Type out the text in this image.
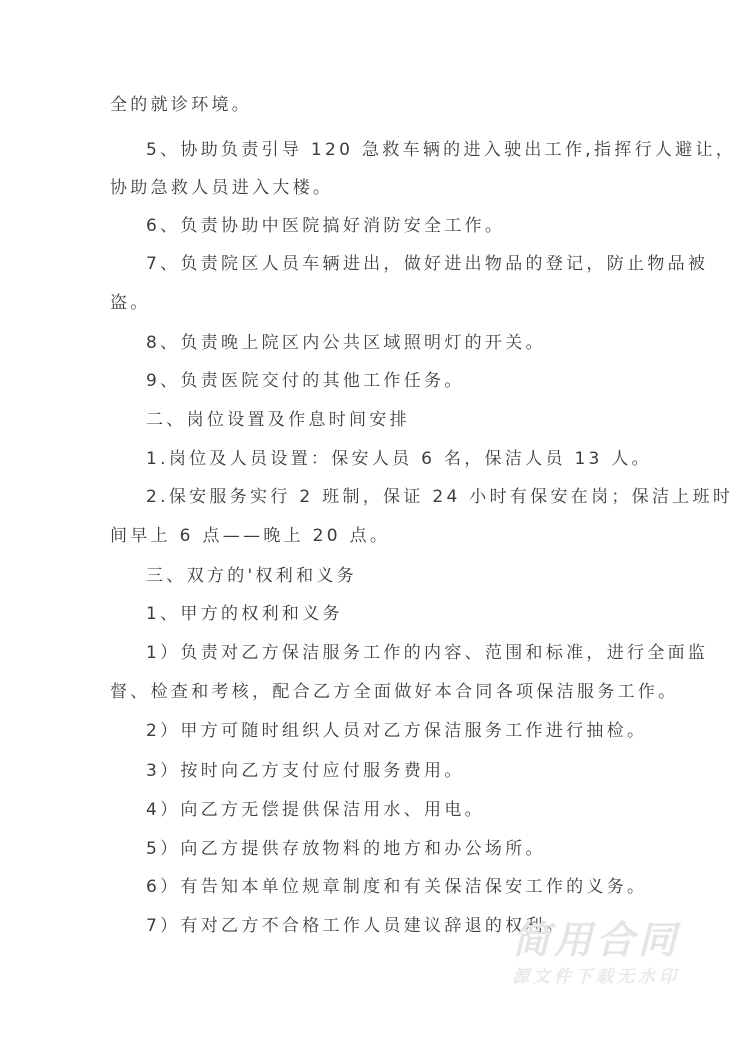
全的就诊环境。
5、协助负责引导 120 急救车辆的进入驶出工作,指挥行人避让，
协助急救人员进入大楼。
6、负责协助中医院搞好消防安全工作。
7、负责院区人员车辆进出，做好进出物品的登记，防止物品被
盗。
8、负责晚上院区内公共区域照明灯的开关。
9、负责医院交付的其他工作任务。
二、岗位设置及作息时间安排
1.岗位及人员设置：保安人员 6 名，保洁人员 13 人。
2.保安服务实行 2 班制，保证 24 小时有保安在岗；保洁上班时
间早上 6 点——晚上 20 点。
三、双方的'权利和义务
1、甲方的权利和义务
1）负责对乙方保洁服务工作的内容、范围和标准，进行全面监
督、检查和考核，配合乙方全面做好本合同各项保洁服务工作。
2）甲方可随时组织人员对乙方保洁服务工作进行抽检。
3）按时向乙方支付应付服务费用。
4）向乙方无偿提供保洁用水、用电。
5）向乙方提供存放物料的地方和办公场所。
6）有告知本单位规章制度和有关保洁保安工作的义务。
7）有对乙方不合格工作人员建议辞退的权利。
简用合同
源文件下载无水印
